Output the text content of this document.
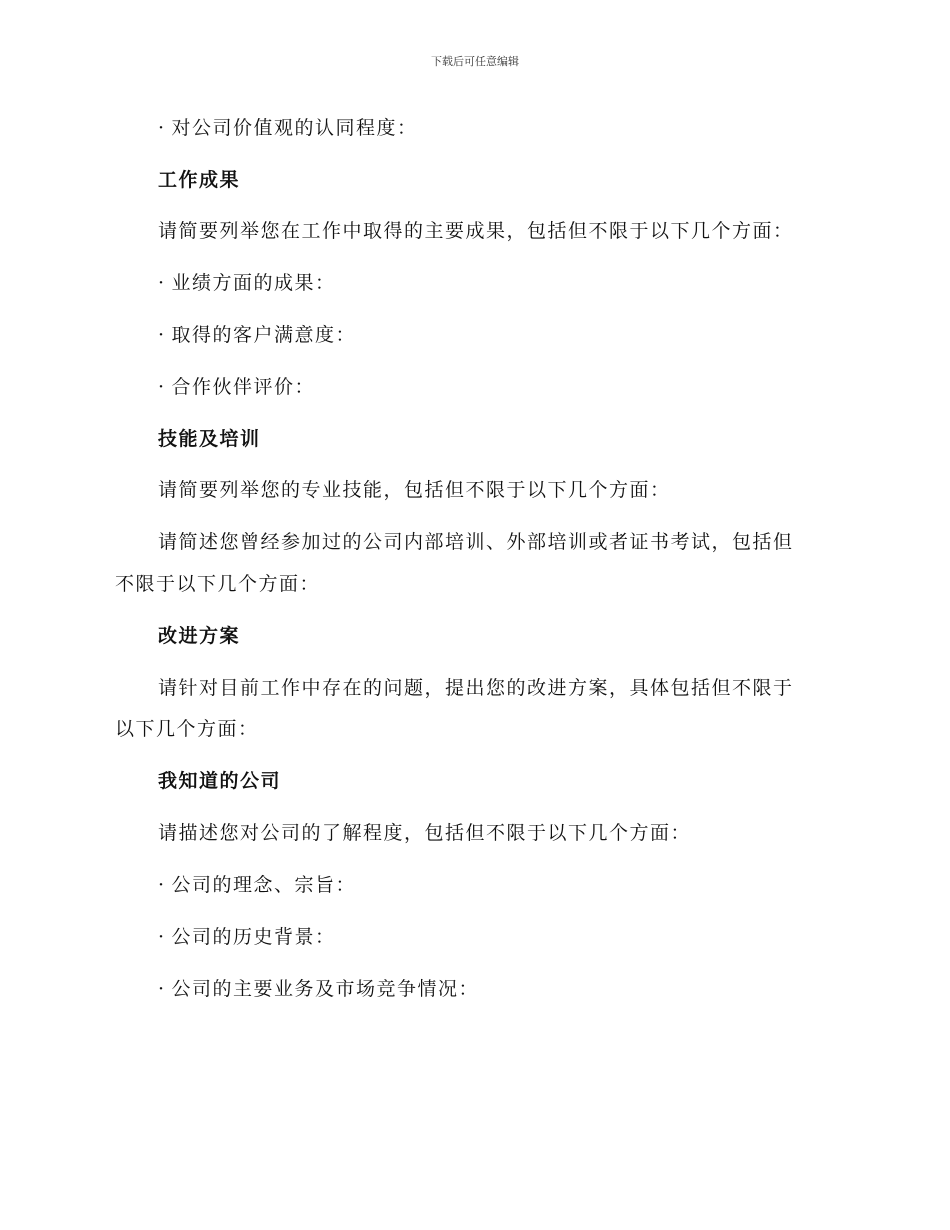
下载后可任意编辑
· 对公司价值观的认同程度：
工作成果
请简要列举您在工作中取得的主要成果，包括但不限于以下几个方面：
· 业绩方面的成果：
· 取得的客户满意度：
· 合作伙伴评价：
技能及培训
请简要列举您的专业技能，包括但不限于以下几个方面：
请简述您曾经参加过的公司内部培训、外部培训或者证书考试，包括但
不限于以下几个方面：
改进方案
请针对目前工作中存在的问题，提出您的改进方案，具体包括但不限于
以下几个方面：
我知道的公司
请描述您对公司的了解程度，包括但不限于以下几个方面：
· 公司的理念、宗旨：
· 公司的历史背景：
· 公司的主要业务及市场竞争情况：
